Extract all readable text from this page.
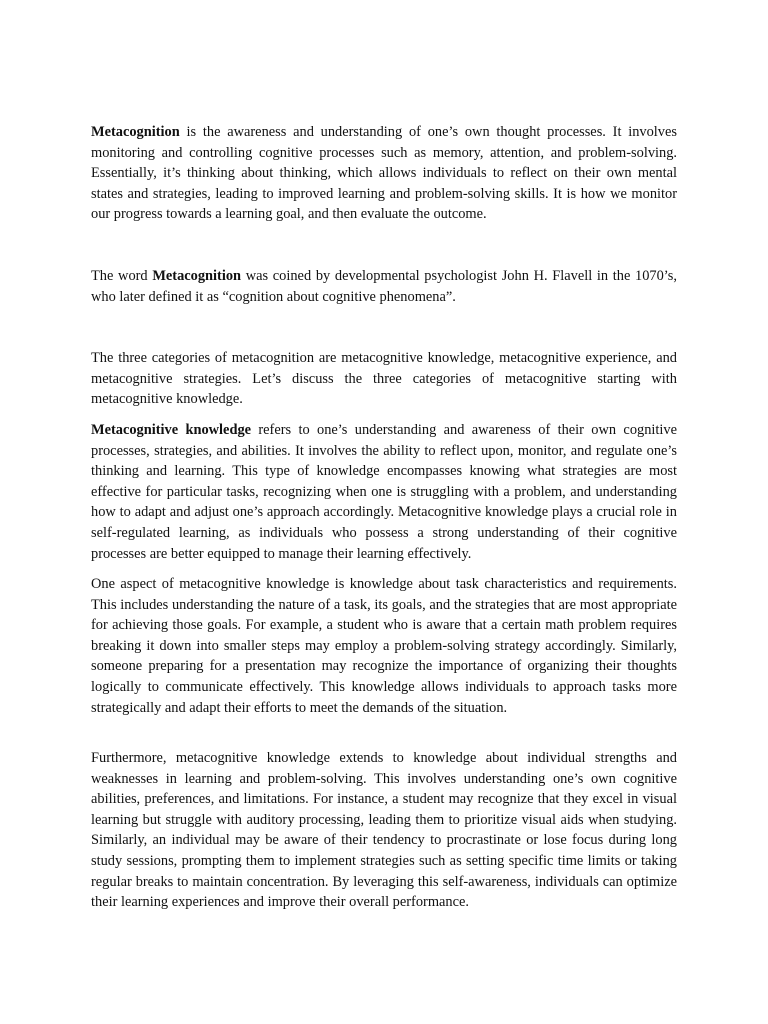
Metacognition is the awareness and understanding of one’s own thought processes. It involves monitoring and controlling cognitive processes such as memory, attention, and problem-solving. Essentially, it’s thinking about thinking, which allows individuals to reflect on their own mental states and strategies, leading to improved learning and problem-solving skills. It is how we monitor our progress towards a learning goal, and then evaluate the outcome.

The word Metacognition was coined by developmental psychologist John H. Flavell in the 1070’s, who later defined it as “cognition about cognitive phenomena”.

The three categories of metacognition are metacognitive knowledge, metacognitive experience, and metacognitive strategies. Let’s discuss the three categories of metacognitive starting with metacognitive knowledge.

Metacognitive knowledge refers to one’s understanding and awareness of their own cognitive processes, strategies, and abilities. It involves the ability to reflect upon, monitor, and regulate one’s thinking and learning. This type of knowledge encompasses knowing what strategies are most effective for particular tasks, recognizing when one is struggling with a problem, and understanding how to adapt and adjust one’s approach accordingly. Metacognitive knowledge plays a crucial role in self-regulated learning, as individuals who possess a strong understanding of their cognitive processes are better equipped to manage their learning effectively.

One aspect of metacognitive knowledge is knowledge about task characteristics and requirements. This includes understanding the nature of a task, its goals, and the strategies that are most appropriate for achieving those goals. For example, a student who is aware that a certain math problem requires breaking it down into smaller steps may employ a problem-solving strategy accordingly. Similarly, someone preparing for a presentation may recognize the importance of organizing their thoughts logically to communicate effectively. This knowledge allows individuals to approach tasks more strategically and adapt their efforts to meet the demands of the situation.

Furthermore, metacognitive knowledge extends to knowledge about individual strengths and weaknesses in learning and problem-solving. This involves understanding one’s own cognitive abilities, preferences, and limitations. For instance, a student may recognize that they excel in visual learning but struggle with auditory processing, leading them to prioritize visual aids when studying. Similarly, an individual may be aware of their tendency to procrastinate or lose focus during long study sessions, prompting them to implement strategies such as setting specific time limits or taking regular breaks to maintain concentration. By leveraging this self-awareness, individuals can optimize their learning experiences and improve their overall performance.
